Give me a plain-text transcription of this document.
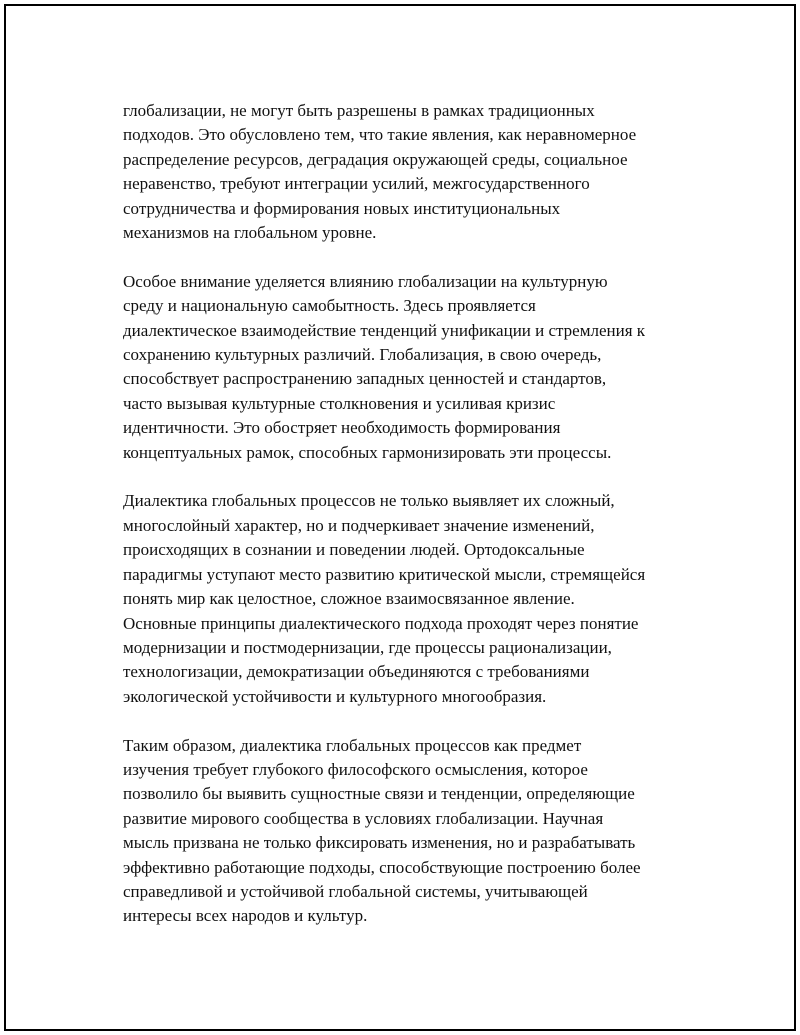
глобализации, не могут быть разрешены в рамках традиционных
подходов. Это обусловлено тем, что такие явления, как неравномерное
распределение ресурсов, деградация окружающей среды, социальное
неравенство, требуют интеграции усилий, межгосударственного
сотрудничества и формирования новых институциональных
механизмов на глобальном уровне.

Особое внимание уделяется влиянию глобализации на культурную
среду и национальную самобытность. Здесь проявляется
диалектическое взаимодействие тенденций унификации и стремления к
сохранению культурных различий. Глобализация, в свою очередь,
способствует распространению западных ценностей и стандартов,
часто вызывая культурные столкновения и усиливая кризис
идентичности. Это обостряет необходимость формирования
концептуальных рамок, способных гармонизировать эти процессы.

Диалектика глобальных процессов не только выявляет их сложный,
многослойный характер, но и подчеркивает значение изменений,
происходящих в сознании и поведении людей. Ортодоксальные
парадигмы уступают место развитию критической мысли, стремящейся
понять мир как целостное, сложное взаимосвязанное явление.
Основные принципы диалектического подхода проходят через понятие
модернизации и постмодернизации, где процессы рационализации,
технологизации, демократизации объединяются с требованиями
экологической устойчивости и культурного многообразия.

Таким образом, диалектика глобальных процессов как предмет
изучения требует глубокого философского осмысления, которое
позволило бы выявить сущностные связи и тенденции, определяющие
развитие мирового сообщества в условиях глобализации. Научная
мысль призвана не только фиксировать изменения, но и разрабатывать
эффективно работающие подходы, способствующие построению более
справедливой и устойчивой глобальной системы, учитывающей
интересы всех народов и культур.
